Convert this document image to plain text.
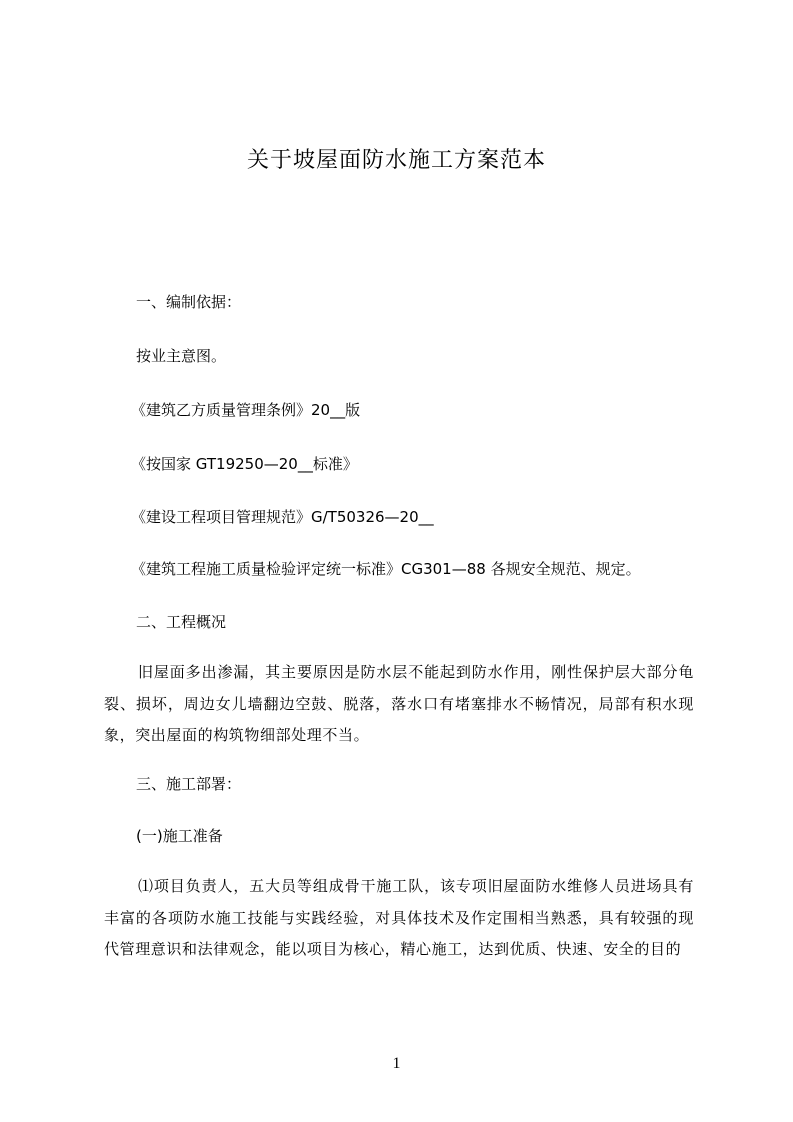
关于坡屋面防水施工方案范本
一、编制依据：
按业主意图。
《建筑乙方质量管理条例》20__版
《按国家 GT19250—20__标准》
《建设工程项目管理规范》G/T50326—20__
《建筑工程施工质量检验评定统一标准》CG301—88 各规安全规范、规定。
二、工程概况
旧屋面多出渗漏，其主要原因是防水层不能起到防水作用，刚性保护层大部分龟裂、损坏，周边女儿墙翻边空鼓、脱落，落水口有堵塞排水不畅情况，局部有积水现象，突出屋面的构筑物细部处理不当。
三、施工部署：
(一)施工准备
⑴项目负责人，五大员等组成骨干施工队，该专项旧屋面防水维修人员进场具有丰富的各项防水施工技能与实践经验，对具体技术及作定围相当熟悉，具有较强的现代管理意识和法律观念，能以项目为核心，精心施工，达到优质、快速、安全的目的
1
